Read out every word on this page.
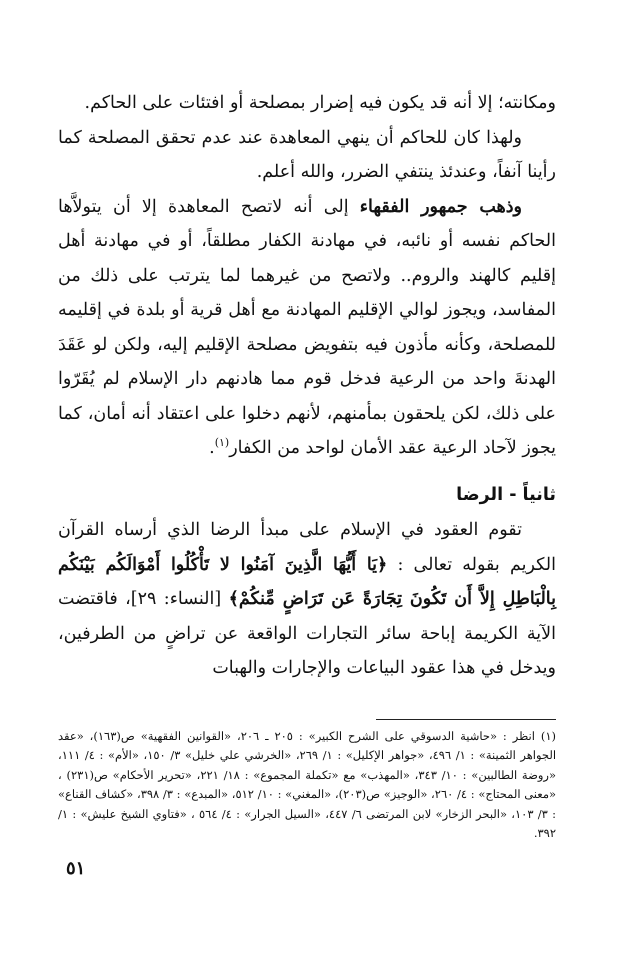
ومكانته؛ إلا أنه قد يكون فيه إضرار بمصلحة أو افتئات على الحاكم.

ولهذا كان للحاكم أن ينهي المعاهدة عند عدم تحقق المصلحة كما رأينا آنفاً، وعندئذ ينتفي الضرر، والله أعلم.

وذهب جمهور الفقهاء إلى أنه لاتصح المعاهدة إلا أن يتولاَّها الحاكم نفسه أو نائبه، في مهادنة الكفار مطلقاً، أو في مهادنة أهل إقليم كالهند والروم.. ولاتصح من غيرهما لما يترتب على ذلك من المفاسد، ويجوز لوالي الإقليم المهادنة مع أهل قرية أو بلدة في إقليمه للمصلحة، وكأنه مأذون فيه بتفويض مصلحة الإقليم إليه، ولكن لو عَقَدَ الهدنةَ واحد من الرعية فدخل قوم مما هادنهم دار الإسلام لم يُقَرّوا على ذلك، لكن يلحقون بمأمنهم، لأنهم دخلوا على اعتقاد أنه أمان، كما يجوز لآحاد الرعية عقد الأمان لواحد من الكفار$^{(١)}$.

ثانياً - الرضا

تقوم العقود في الإسلام على مبدأ الرضا الذي أرساه القرآن الكريم بقوله تعالى : ﴿يَا أَيُّهَا الَّذِينَ آمَنُوا لا تَأْكُلُوا أَمْوَالَكُم بَيْنَكُم بِالْبَاطِلِ إِلاَّ أَن تَكُونَ تِجَارَةً عَن تَرَاضٍ مِّنكُمْ﴾ [النساء: ٢٩]، فاقتضت الآية الكريمة إباحة سائر التجارات الواقعة عن تراضٍ من الطرفين، ويدخل في هذا عقود البياعات والإجارات والهبات

(١) انظر : «حاشية الدسوقي على الشرح الكبير» : ٢٠٥ ـ ٢٠٦، «القوانين الفقهية» ص(١٦٣)، «عقد الجواهر الثمينة» : ١/ ٤٩٦، «جواهر الإكليل» : ١/ ٢٦٩، «الخرشي علي خليل» ٣/ ١٥٠، «الأم» : ٤/ ١١١، «روضة الطالبين» : ١٠/ ٣٤٣، «المهذب» مع «تكملة المجموع» : ١٨/ ٢٢١، «تحرير الأحكام» ص(٢٣١) ، «معنى المحتاج» : ٤/ ٢٦٠، «الوجيز» ص(٢٠٣)، «المغني» : ١٠/ ٥١٢، «المبدع» : ٣/ ٣٩٨، «كشاف القناع» : ٣/ ١٠٣، «البحر الزخار» لابن المرتضى ٦/ ٤٤٧، «السيل الجرار» : ٤/ ٥٦٤ ، «فتاوي الشيخ عليش» : ١/ ٣٩٢.

٥١
